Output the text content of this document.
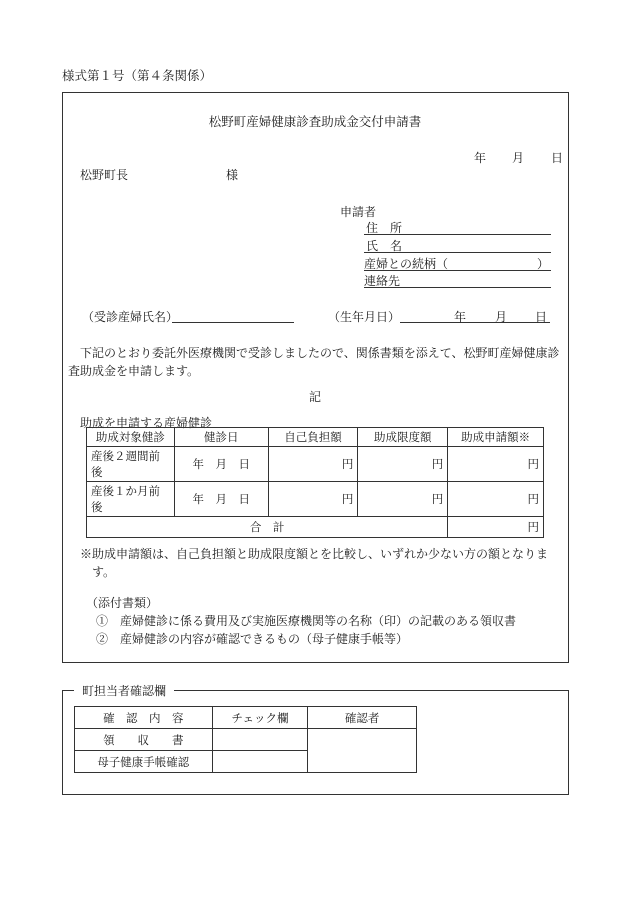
様式第１号（第４条関係）
松野町産婦健康診査助成金交付申請書
年 月 日
松野町長	様
申請者
住　所
氏　名
産婦との続柄（	）
連絡先
（受診産婦氏名）	（生年月日）	年 月 日
　下記のとおり委託外医療機関で受診しましたので、関係書類を添えて、松野町産婦健康診査助成金を申請します。
記
助成を申請する産婦健診
助成対象健診	健診日	自己負担額	助成限度額	助成申請額※
産後２週間前後	年　月　日	円	円	円
産後１か月前後	年　月　日	円	円	円
合　計				円
※助成申請額は、自己負担額と助成限度額とを比較し、いずれか少ない方の額となります。
（添付書類）
①　産婦健診に係る費用及び実施医療機関等の名称（印）の記載のある領収書
②　産婦健診の内容が確認できるもの（母子健康手帳等）
町担当者確認欄
確　認　内　容	チェック欄	確認者
領　　収　　書		
母子健康手帳確認		
